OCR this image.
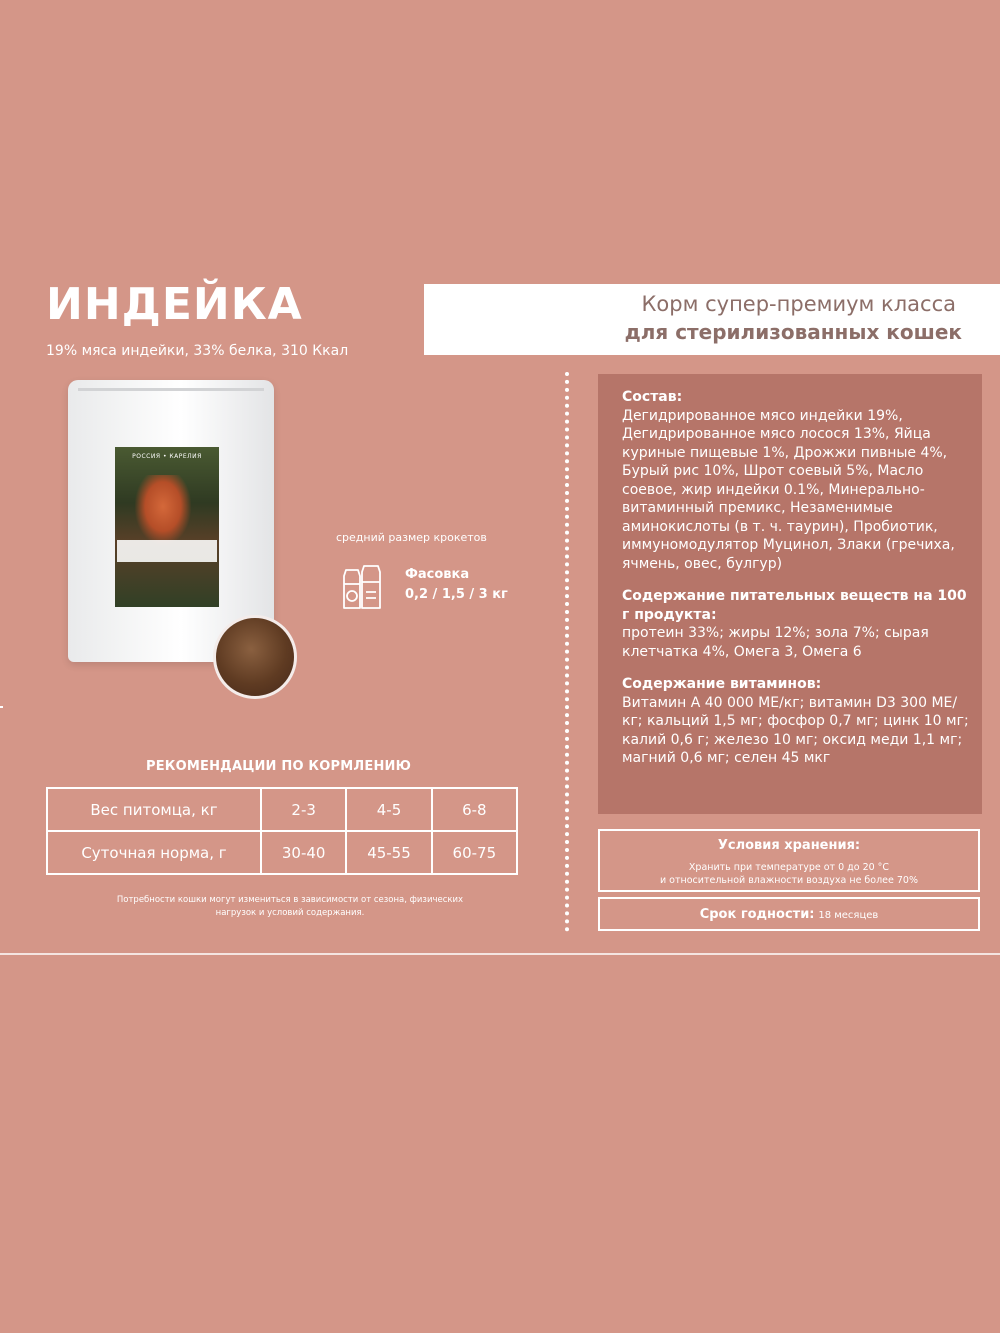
ИНДЕЙКА
19% мяса индейки, 33% белка, 310 Ккал
Корм супер-премиум класса
для стерилизованных кошек
РОССИЯ • КАРЕЛИЯ
средний размер крокетов
Фасовка
0,2 / 1,5 / 3 кг
РЕКОМЕНДАЦИИ ПО КОРМЛЕНИЮ
Вес питомца, кг	2-3	4-5	6-8
Суточная норма, г	30-40	45-55	60-75
Потребности кошки могут измениться в зависимости от сезона, физических нагрузок и условий содержания.
Состав:
Дегидрированное мясо индейки 19%, Дегидрированное мясо лосося 13%, Яйца куриные пищевые 1%, Дрожжи пивные 4%, Бурый рис 10%, Шрот соевый 5%, Масло соевое, жир индейки 0.1%, Минерально-витаминный премикс, Незаменимые аминокислоты (в т. ч. таурин), Пробиотик, иммуномодулятор Муцинол, Злаки (гречиха, ячмень, овес, булгур)
Содержание питательных веществ на 100 г продукта:
протеин 33%; жиры 12%; зола 7%; сырая клетчатка 4%, Омега 3, Омега 6
Содержание витаминов:
Витамин А 40 000 МЕ/кг; витамин D3 300 МЕ/кг; кальций 1,5 мг; фосфор 0,7 мг; цинк 10 мг; калий 0,6 г; железо 10 мг; оксид меди 1,1 мг; магний 0,6 мг; селен 45 мкг
Условия хранения:
Хранить при температуре от 0 до 20 °С
и относительной влажности воздуха не более 70%
Срок годности: 18 месяцев
